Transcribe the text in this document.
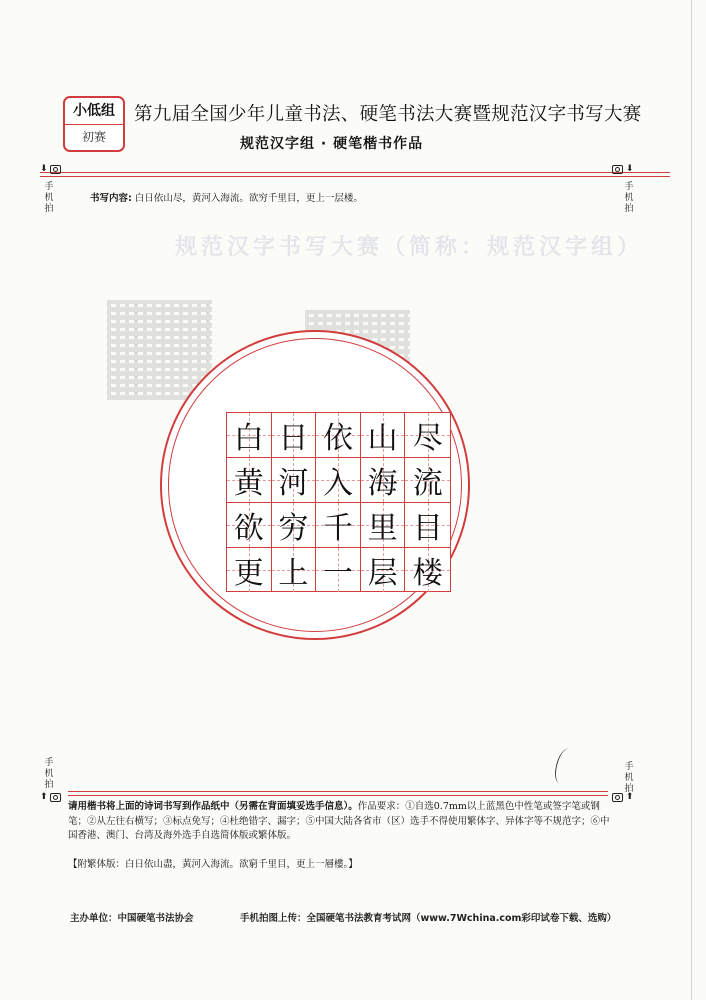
规范汉字书写大赛（简称：规范汉字组）
小低组
初赛
第九届全国少年儿童书法、硬笔书法大赛暨规范汉字书写大赛
规范汉字组 · 硬笔楷书作品
⬇	⬇
手
机
拍
手
机
拍
书写内容: 白日依山尽，黄河入海流。欲穷千里目，更上一层楼。
白 日 依 山 尽
黄 河 入 海 流
欲 穷 千 里 目
更 上 一 层 楼
手
机
拍
手
机
拍
⬆	⬆
请用楷书将上面的诗词书写到作品纸中（另需在背面填妥选手信息）。作品要求：①自选0.7mm以上蓝黑色中性笔或签字笔或钢笔；②从左往右横写；③标点免写；④杜绝错字、漏字；⑤中国大陆各省市（区）选手不得使用繁体字、异体字等不规范字；⑥中国香港、澳门、台湾及海外选手自选简体版或繁体版。
【附繁体版：白日依山盡，黃河入海流。欲窮千里目，更上一層樓。】
主办单位：中国硬笔书法协会	手机拍图上传：全国硬笔书法教育考试网（www.7Wchina.com彩印试卷下载、选购）
